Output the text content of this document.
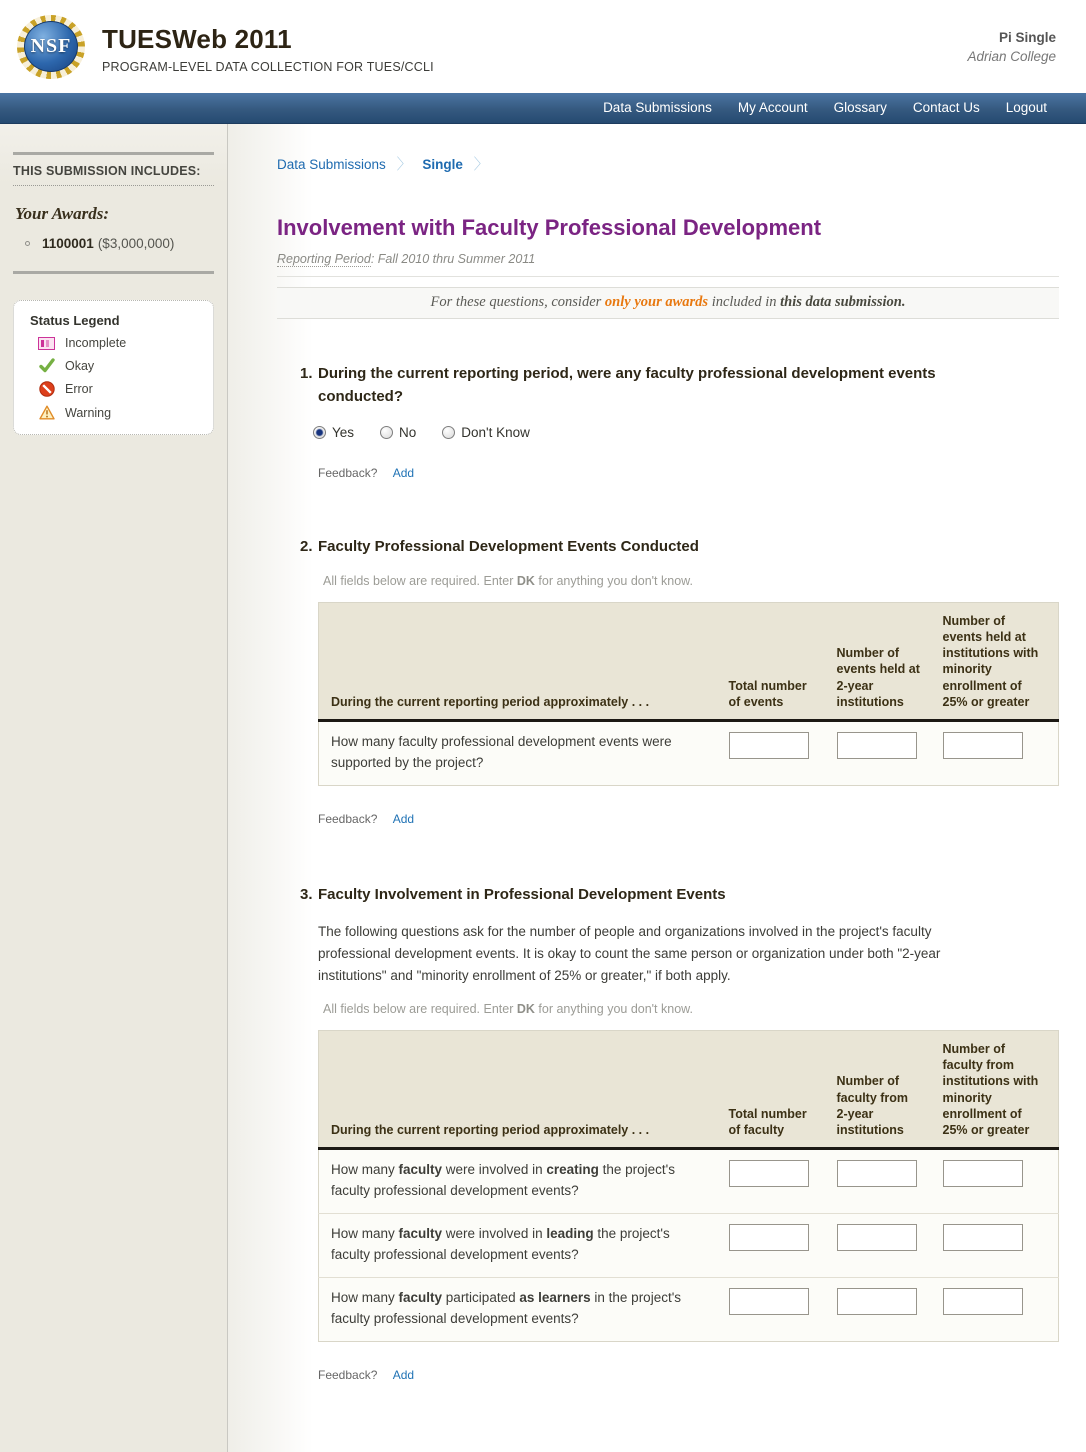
NSF TUESWeb 2011
PROGRAM-LEVEL DATA COLLECTION FOR TUES/CCLI
Pi Single
Adrian College
Data Submissions	My Account	Glossary	Contact Us	Logout
THIS SUBMISSION INCLUDES:
Your Awards:
1100001 ($3,000,000)
Status Legend
Incomplete
Okay
Error
Warning
Data Submissions 〉 Single 〉
Involvement with Faculty Professional Development
Reporting Period: Fall 2010 thru Summer 2011
For these questions, consider only your awards included in this data submission.
1. During the current reporting period, were any faculty professional development events conducted?
Yes	No	Don't Know
Feedback? Add
2. Faculty Professional Development Events Conducted
All fields below are required. Enter DK for anything you don't know.
During the current reporting period approximately . . .	Total number of events	Number of events held at 2-year institutions	Number of events held at institutions with minority enrollment of 25% or greater
How many faculty professional development events were supported by the project?			
Feedback? Add
3. Faculty Involvement in Professional Development Events

The following questions ask for the number of people and organizations involved in the project's faculty professional development events. It is okay to count the same person or organization under both "2-year institutions" and "minority enrollment of 25% or greater," if both apply.

All fields below are required. Enter DK for anything you don't know.
During the current reporting period approximately . . .	Total number of faculty	Number of faculty from 2-year institutions	Number of faculty from institutions with minority enrollment of 25% or greater
How many faculty were involved in creating the project's faculty professional development events?			
How many faculty were involved in leading the project's faculty professional development events?			
How many faculty participated as learners in the project's faculty professional development events?			
Feedback? Add
